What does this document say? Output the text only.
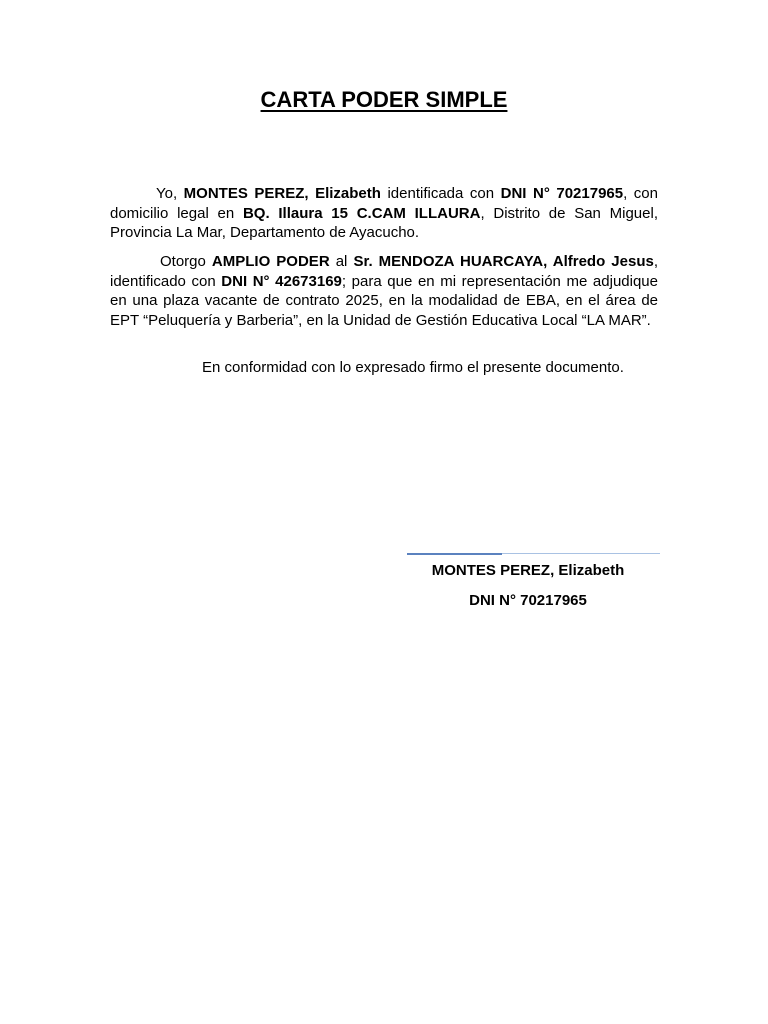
CARTA PODER SIMPLE

Yo, MONTES PEREZ, Elizabeth identificada con DNI N° 70217965, con domicilio legal en BQ. Illaura 15 C.CAM ILLAURA, Distrito de San Miguel, Provincia La Mar, Departamento de Ayacucho.

Otorgo AMPLIO PODER al Sr. MENDOZA HUARCAYA, Alfredo Jesus, identificado con DNI N° 42673169; para que en mi representación me adjudique en una plaza vacante de contrato 2025, en la modalidad de EBA, en el área de EPT “Peluquería y Barberia”, en la Unidad de Gestión Educativa Local “LA MAR”.

En conformidad con lo expresado firmo el presente documento.

MONTES PEREZ, Elizabeth

DNI N° 70217965
